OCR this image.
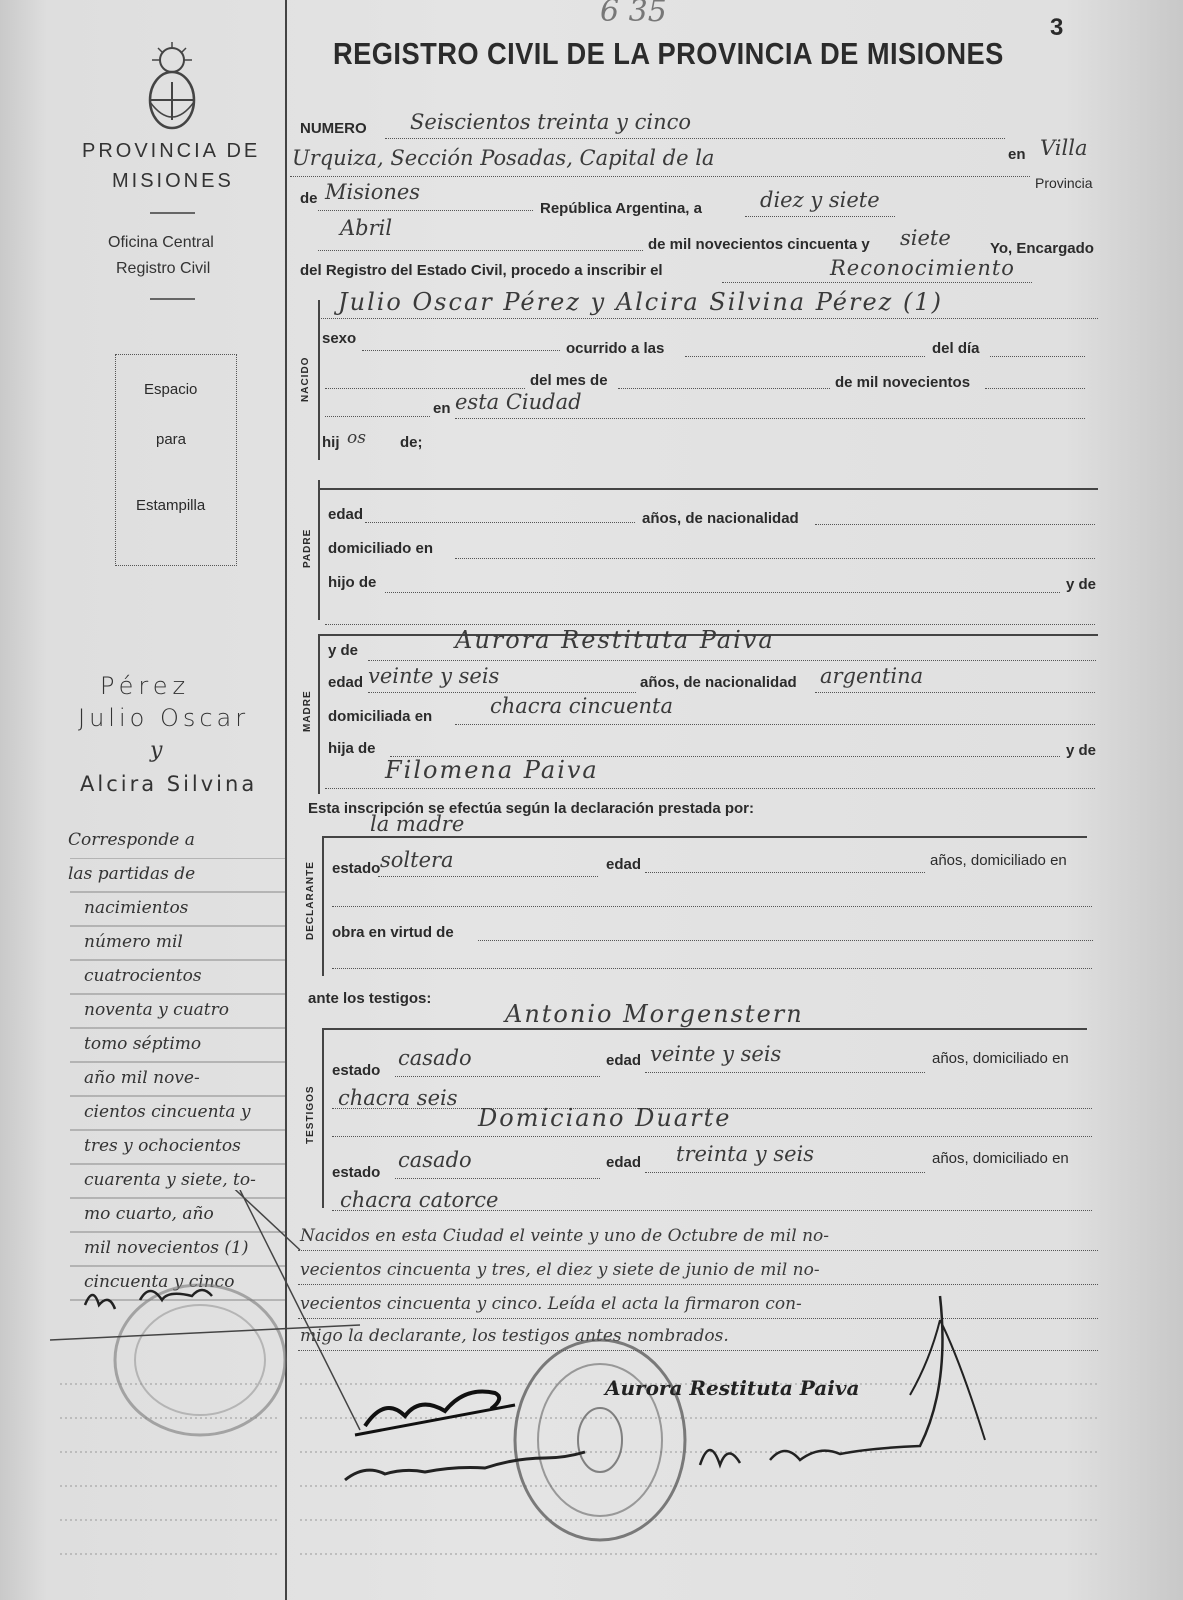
6 35	3
REGISTRO CIVIL DE LA PROVINCIA DE MISIONES
PROVINCIA DE
MISIONES
Oficina Central
Registro Civil
Espacio
para
Estampilla
Pérez
Julio Oscar
y
Alcira Silvina
Corresponde a
las partidas de
nacimientos
número mil
cuatrocientos
noventa y cuatro
tomo séptimo
año mil nove-
cientos cincuenta y
tres y ochocientos
cuarenta y siete, to-
mo cuarto, año
mil novecientos (1)
cincuenta y cinco
NUMERO Seiscientos treinta y cinco
en Villa
Urquiza, Sección Posadas, Capital de la
Provincia
de Misiones
República Argentina, a	diez y siete
Abril
de mil novecientos cincuenta y siete	Yo, Encargado
del Registro del Estado Civil, procedo a inscribir el	Reconocimiento
Julio Oscar Pérez y Alcira Silvina Pérez (1)
NACIDO
sexo
ocurrido a las	del día
del mes de	de mil novecientos
en esta Ciudad
hij os de;
PADRE
edad	años, de nacionalidad
domiciliado en
hijo de	y de
MADRE
y de	Aurora Restituta Paiva
edad veinte y seis	años, de nacionalidad argentina
domiciliada en	chacra cincuenta
hija de	y de
Filomena Paiva
Esta inscripción se efectúa según la declaración prestada por:
la madre
DECLARANTE estado soltera	edad	años, domiciliado en
obra en virtud de
ante los testigos:
Antonio Morgenstern
TESTIGOS
estado
casado	edad veinte y seis	años, domiciliado en
chacra seis
Domiciano Duarte
estado
casado	edad treinta y seis	años, domiciliado en
chacra catorce
Nacidos en esta Ciudad el veinte y uno de Octubre de mil no-
vecientos cincuenta y tres, el diez y siete de junio de mil no-
vecientos cincuenta y cinco. Leída el acta la firmaron con-
migo la declarante, los testigos antes nombrados.
Aurora Restituta Paiva
